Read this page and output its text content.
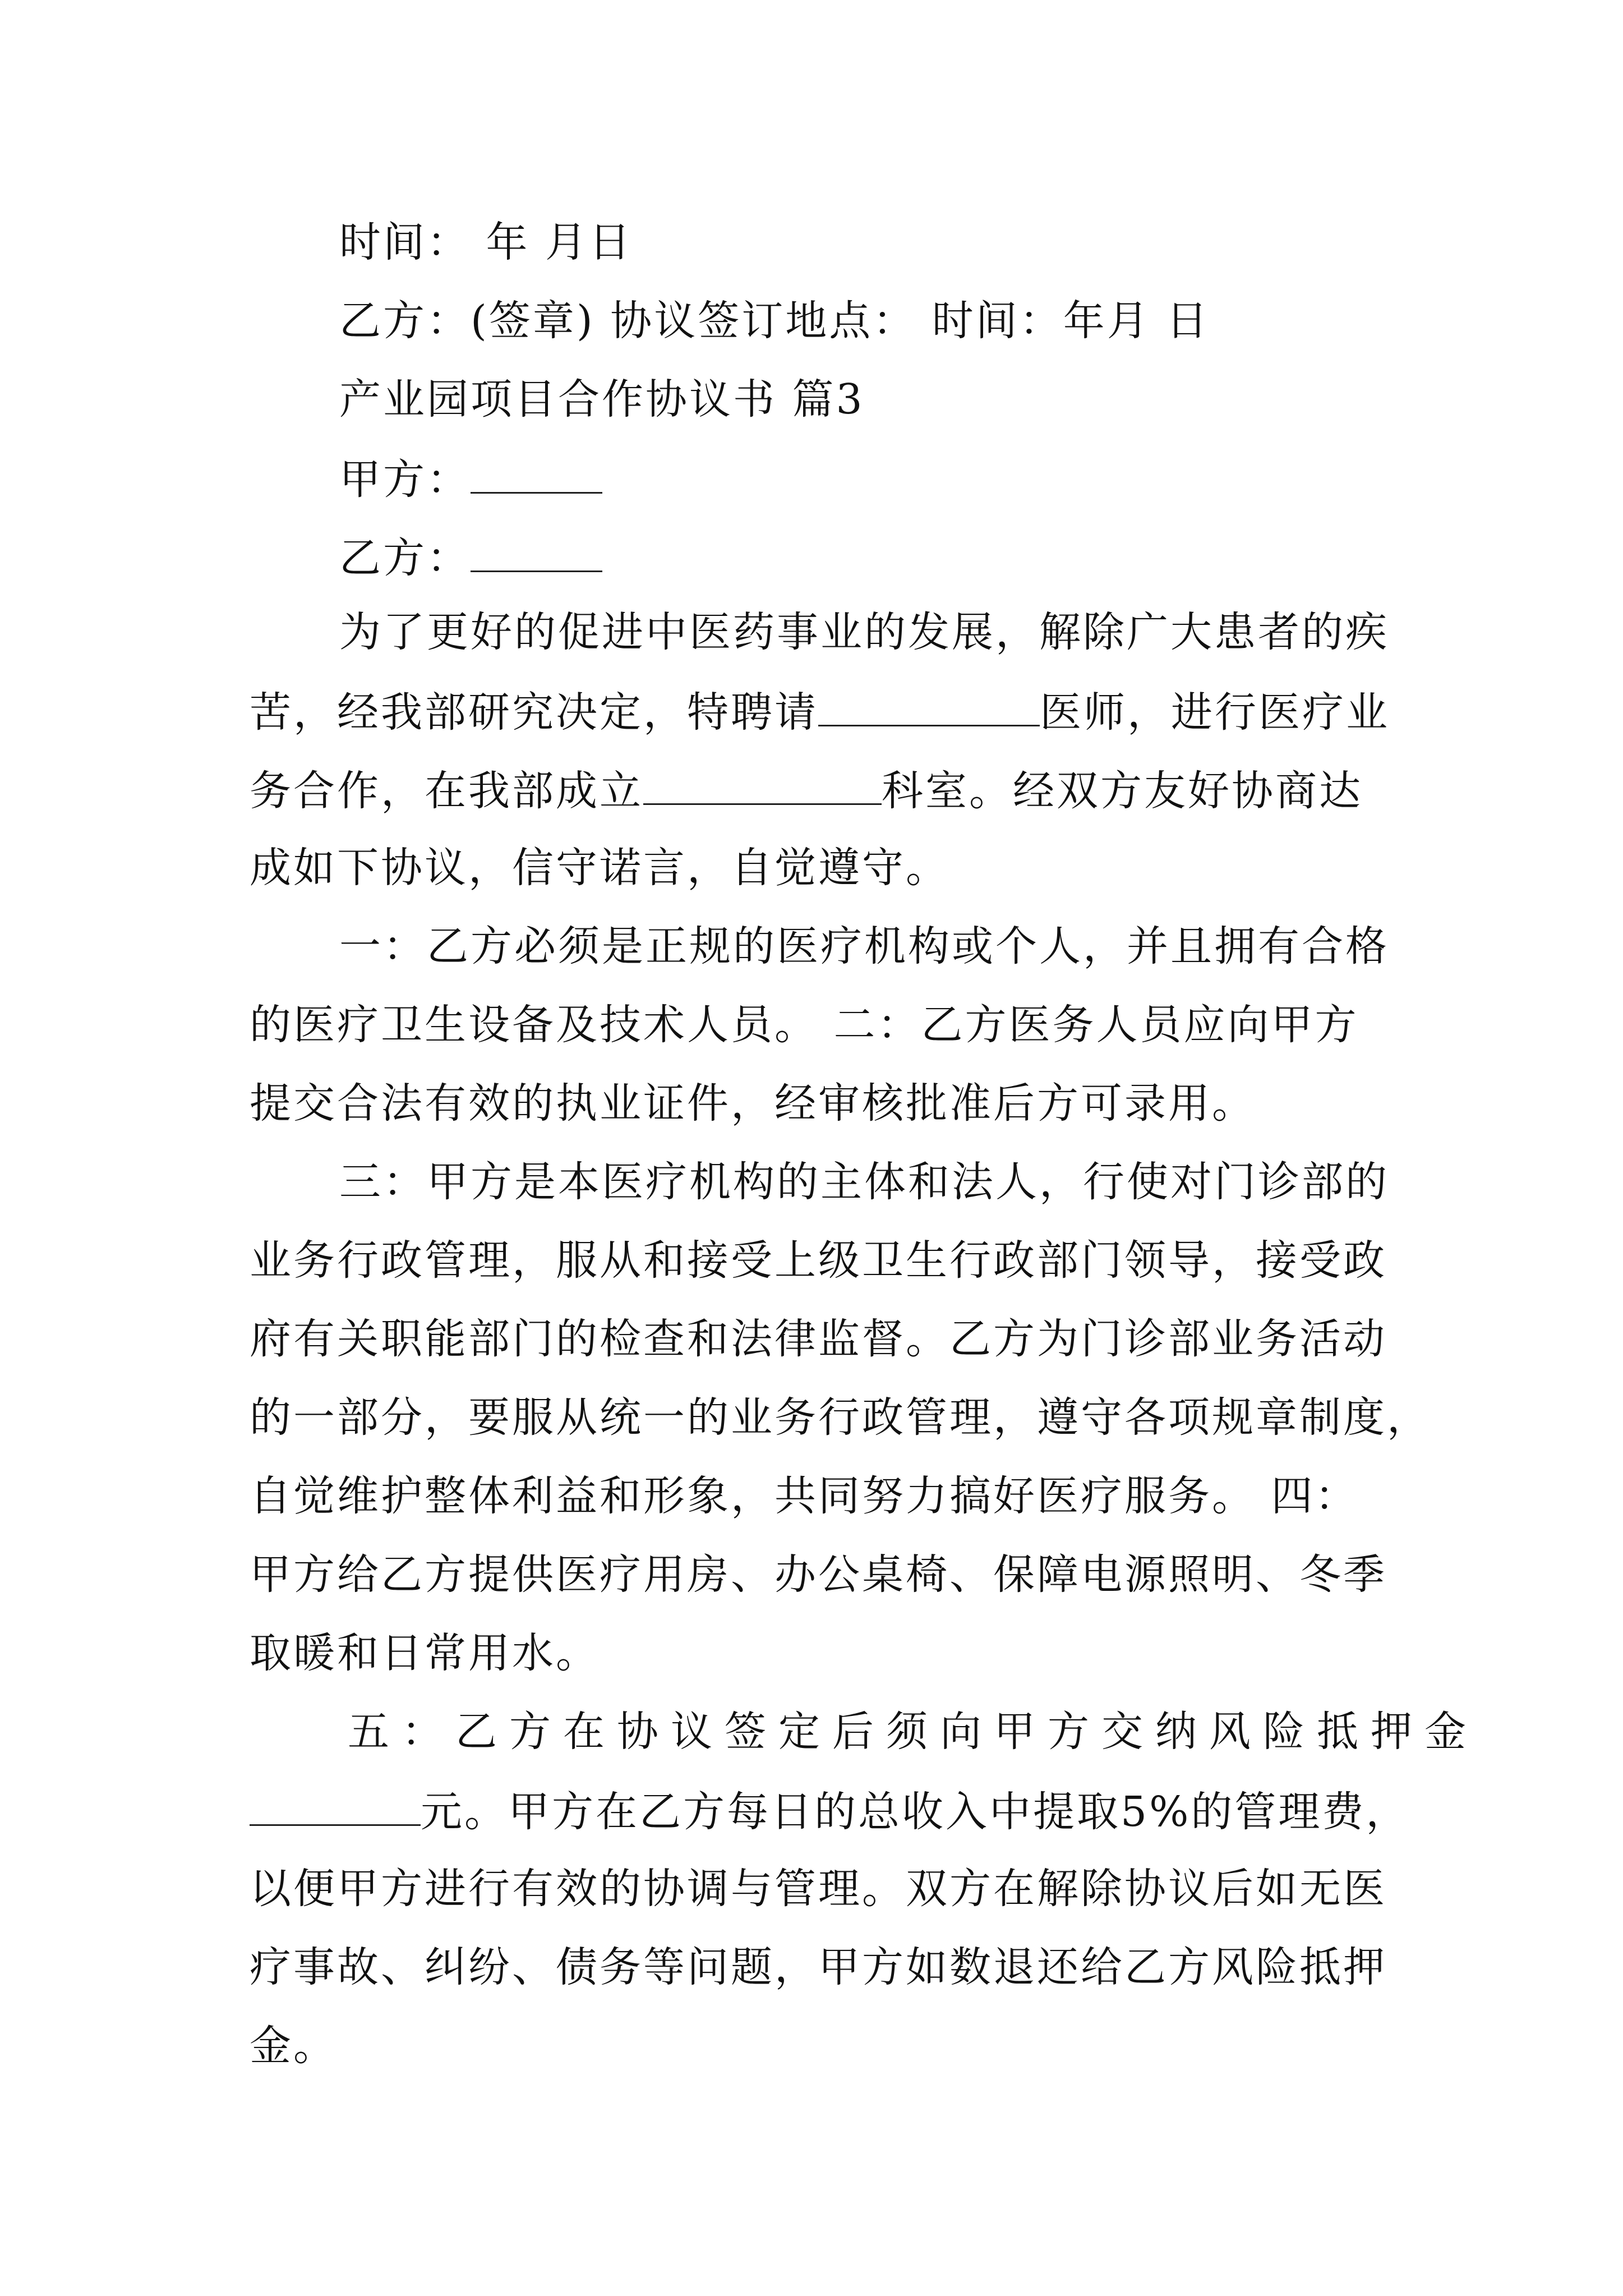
时间： 年 月日
乙方：(签章) 协议签订地点： 时间：年月 日
产业园项目合作协议书 篇3
甲方：
乙方：
为了更好的促进中医药事业的发展，解除广大患者的疾
苦，经我部研究决定，特聘请	医师，进行医疗业
务合作，在我部成立	科室。经双方友好协商达
成如下协议，信守诺言，自觉遵守。
一：乙方必须是正规的医疗机构或个人，并且拥有合格
的医疗卫生设备及技术人员。 二：乙方医务人员应向甲方
提交合法有效的执业证件，经审核批准后方可录用。
三：甲方是本医疗机构的主体和法人，行使对门诊部的
业务行政管理，服从和接受上级卫生行政部门领导，接受政
府有关职能部门的检查和法律监督。乙方为门诊部业务活动
的一部分，要服从统一的业务行政管理，遵守各项规章制度，
自觉维护整体利益和形象，共同努力搞好医疗服务。 四：
甲方给乙方提供医疗用房、办公桌椅、保障电源照明、冬季
取暖和日常用水。
五：乙方在协议签定后须向甲方交纳风险抵押金
元。甲方在乙方每日的总收入中提取5%的管理费，
以便甲方进行有效的协调与管理。双方在解除协议后如无医
疗事故、纠纷、债务等问题，甲方如数退还给乙方风险抵押
金。
